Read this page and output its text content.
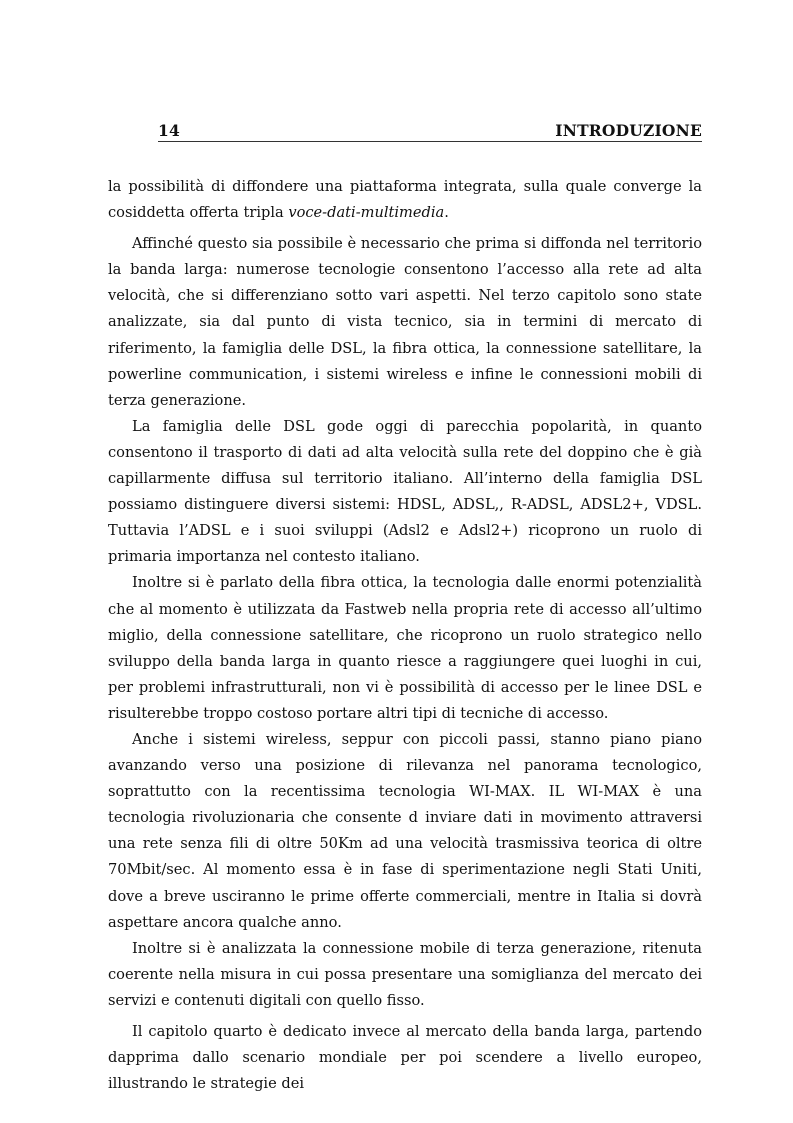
14	INTRODUZIONE

la possibilità di diffondere una piattaforma integrata, sulla quale converge la cosiddetta offerta tripla voce-dati-multimedia.

Affinché questo sia possibile è necessario che prima si diffonda nel territorio la banda larga: numerose tecnologie consentono l’accesso alla rete ad alta velocità, che si differenziano sotto vari aspetti. Nel terzo capitolo sono state analizzate, sia dal punto di vista tecnico, sia in termini di mercato di riferimento, la famiglia delle DSL, la fibra ottica, la connessione satellitare, la powerline communication, i sistemi wireless e infine le connessioni mobili di terza generazione.

La famiglia delle DSL gode oggi di parecchia popolarità, in quanto consentono il trasporto di dati ad alta velocità sulla rete del doppino che è già capillarmente diffusa sul territorio italiano. All’interno della famiglia DSL possiamo distinguere diversi sistemi: HDSL, ADSL,, R-ADSL, ADSL2+, VDSL. Tuttavia l’ADSL e i suoi sviluppi (Adsl2 e Adsl2+) ricoprono un ruolo di primaria importanza nel contesto italiano.

Inoltre si è parlato della fibra ottica, la tecnologia dalle enormi potenzialità che al momento è utilizzata da Fastweb nella propria rete di accesso all’ultimo miglio, della connessione satellitare, che ricoprono un ruolo strategico nello sviluppo della banda larga in quanto riesce a raggiungere quei luoghi in cui, per problemi infrastrutturali, non vi è possibilità di accesso per le linee DSL e risulterebbe troppo costoso portare altri tipi di tecniche di accesso.

Anche i sistemi wireless, seppur con piccoli passi, stanno piano piano avanzando verso una posizione di rilevanza nel panorama tecnologico, soprattutto con la recentissima tecnologia WI-MAX. IL WI-MAX è una tecnologia rivoluzionaria che consente d inviare dati in movimento attraversi una rete senza fili di oltre 50Km ad una velocità trasmissiva teorica di oltre 70Mbit/sec. Al momento essa è in fase di sperimentazione negli Stati Uniti, dove a breve usciranno le prime offerte commerciali, mentre in Italia si dovrà aspettare ancora qualche anno.

Inoltre si è analizzata la connessione mobile di terza generazione, ritenuta coerente nella misura in cui possa presentare una somiglianza del mercato dei servizi e contenuti digitali con quello fisso.

Il capitolo quarto è dedicato invece al mercato della banda larga, partendo dapprima dallo scenario mondiale per poi scendere a livello europeo, illustrando le strategie dei
